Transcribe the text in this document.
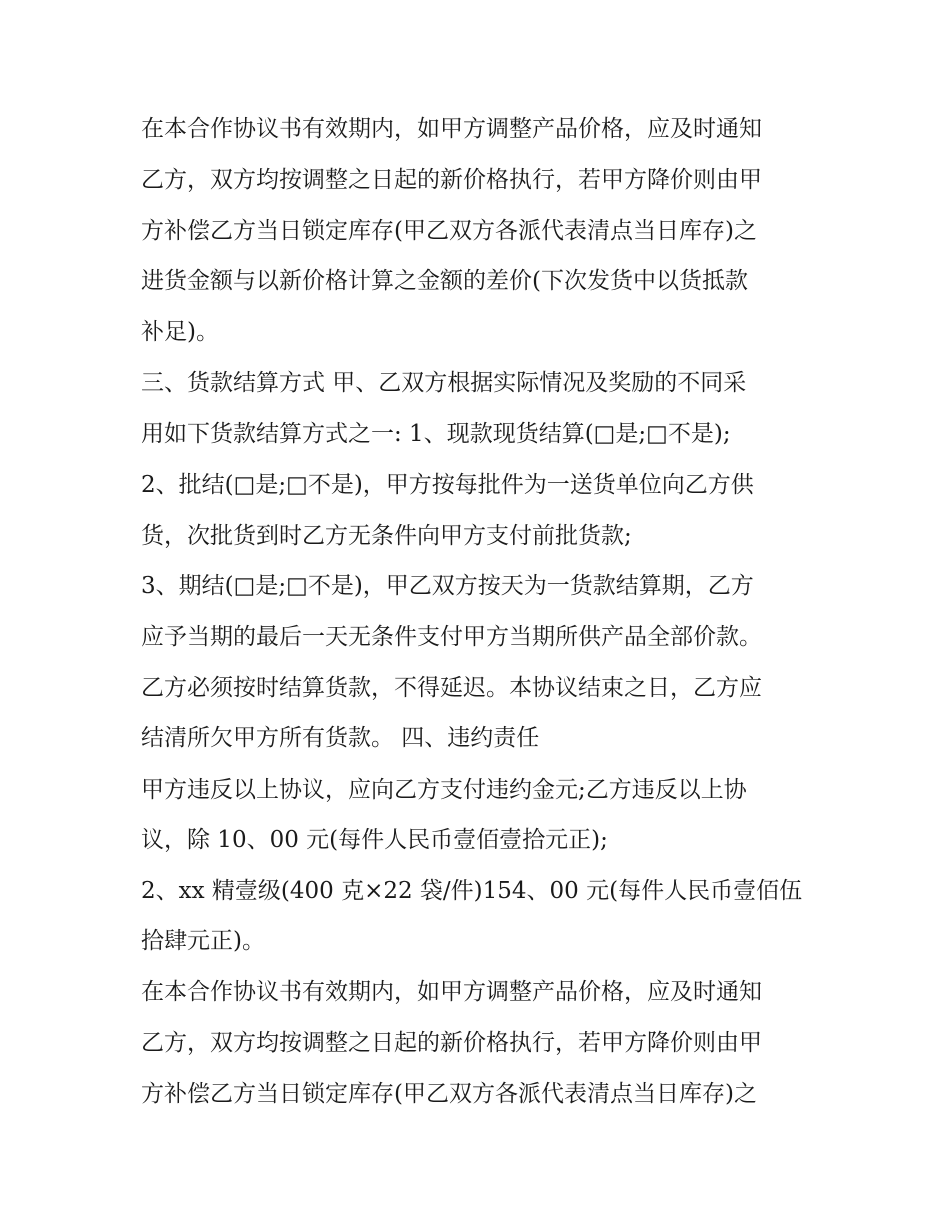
在本合作协议书有效期内，如甲方调整产品价格，应及时通知
乙方，双方均按调整之日起的新价格执行，若甲方降价则由甲
方补偿乙方当日锁定库存(甲乙双方各派代表清点当日库存)之
进货金额与以新价格计算之金额的差价(下次发货中以货抵款
补足)。
三、货款结算方式 甲、乙双方根据实际情况及奖励的不同采
用如下货款结算方式之一: 1、现款现货结算(□是;□不是);
2、批结(□是;□不是)，甲方按每批件为一送货单位向乙方供
货，次批货到时乙方无条件向甲方支付前批货款;
3、期结(□是;□不是)，甲乙双方按天为一货款结算期，乙方
应予当期的最后一天无条件支付甲方当期所供产品全部价款。
乙方必须按时结算货款，不得延迟。本协议结束之日，乙方应
结清所欠甲方所有货款。 四、违约责任
甲方违反以上协议，应向乙方支付违约金元;乙方违反以上协
议，除 10、00 元(每件人民币壹佰壹拾元正);
2、xx 精壹级(400 克×22 袋/件)154、00 元(每件人民币壹佰伍
拾肆元正)。
在本合作协议书有效期内，如甲方调整产品价格，应及时通知
乙方，双方均按调整之日起的新价格执行，若甲方降价则由甲
方补偿乙方当日锁定库存(甲乙双方各派代表清点当日库存)之
